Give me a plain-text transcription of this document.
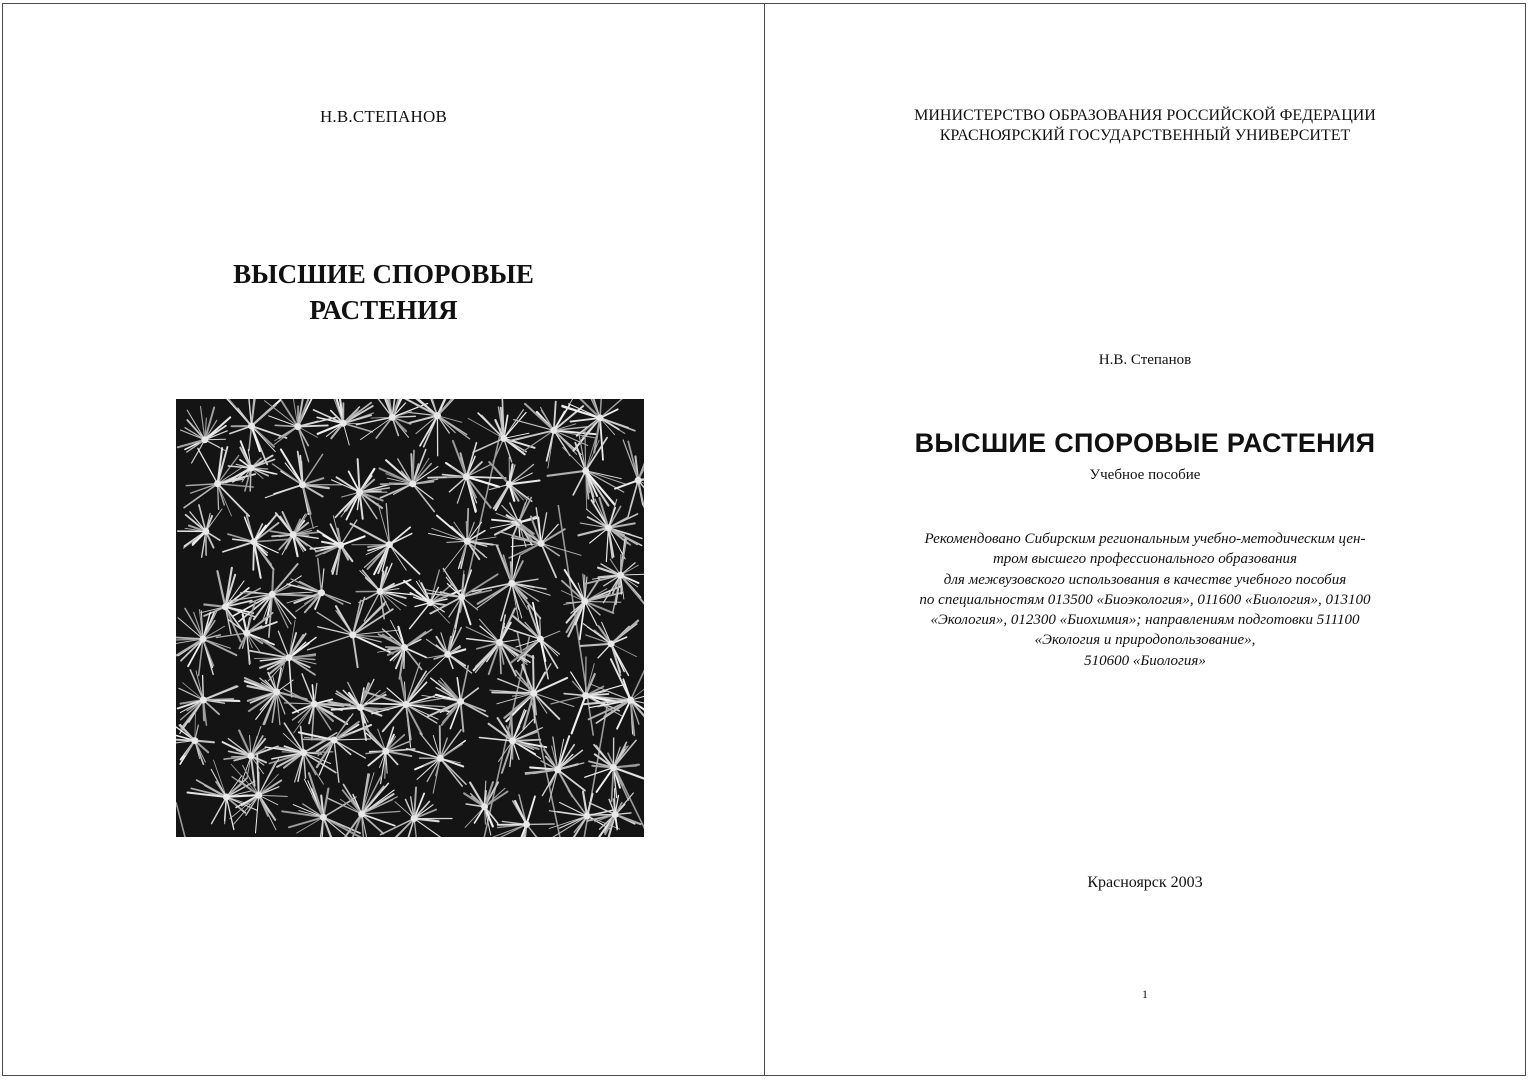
Н.В.СТЕПАНОВ
ВЫСШИЕ СПОРОВЫЕ
РАСТЕНИЯ
МИНИСТЕРСТВО ОБРАЗОВАНИЯ РОССИЙСКОЙ ФЕДЕРАЦИИ
КРАСНОЯРСКИЙ ГОСУДАРСТВЕННЫЙ УНИВЕРСИТЕТ
Н.В. Степанов
ВЫСШИЕ СПОРОВЫЕ РАСТЕНИЯ
Учебное пособие
Рекомендовано Сибирским региональным учебно-методическим цен-
тром высшего профессионального образования
для межвузовского использования в качестве учебного пособия
по специальностям 013500 «Биоэкология», 011600 «Биология», 013100
«Экология», 012300 «Биохимия»; направлениям подготовки 511100
«Экология и природопользование»,
510600 «Биология»
Красноярск 2003
1
